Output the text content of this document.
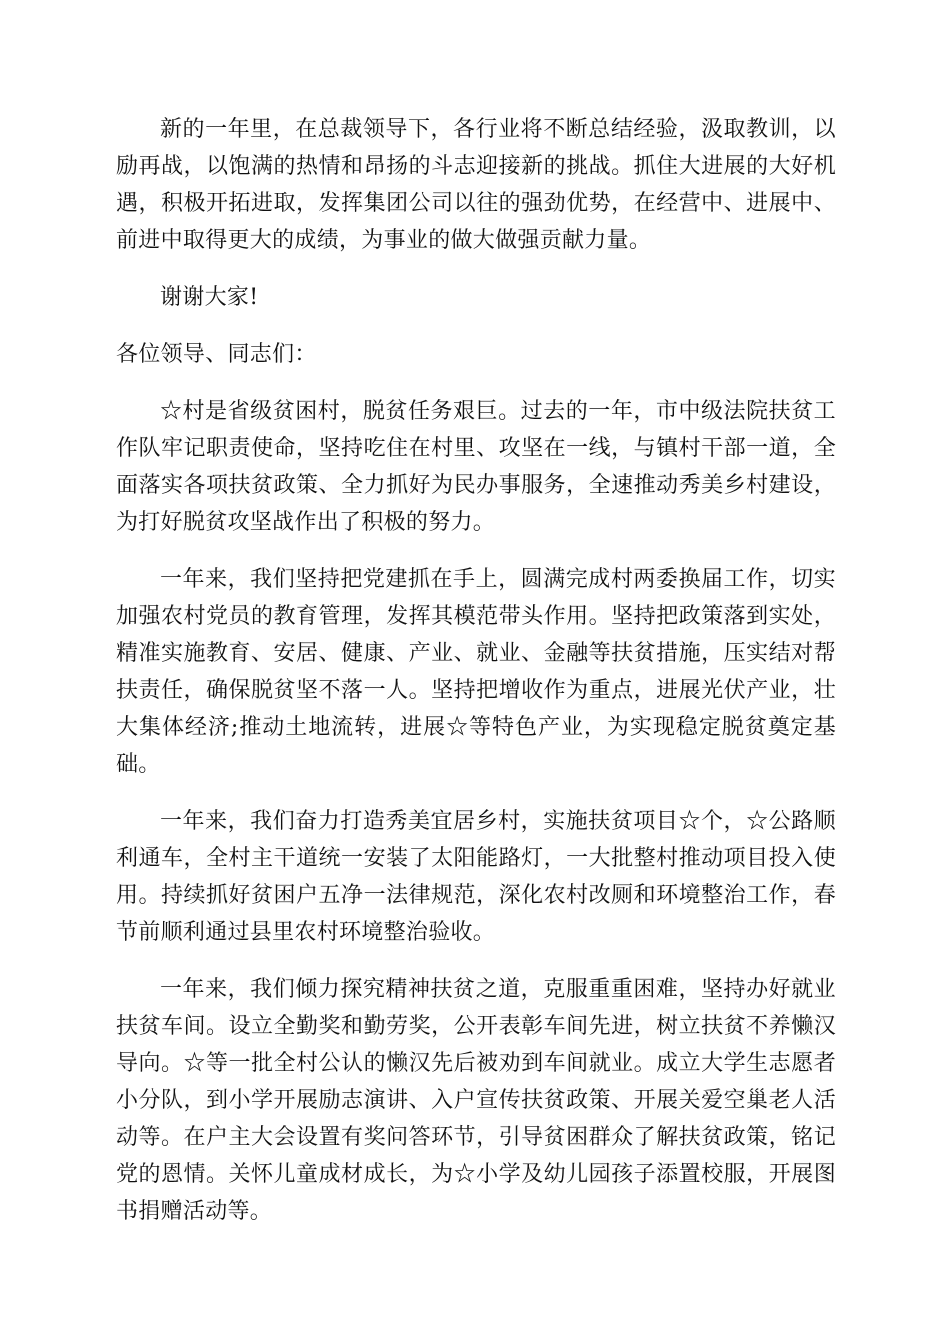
新的一年里，在总裁领导下，各行业将不断总结经验，汲取教训，以励再战，以饱满的热情和昂扬的斗志迎接新的挑战。抓住大进展的大好机遇，积极开拓进取，发挥集团公司以往的强劲优势，在经营中、进展中、前进中取得更大的成绩，为事业的做大做强贡献力量。

谢谢大家!

各位领导、同志们：

☆村是省级贫困村，脱贫任务艰巨。过去的一年，市中级法院扶贫工作队牢记职责使命，坚持吃住在村里、攻坚在一线，与镇村干部一道，全面落实各项扶贫政策、全力抓好为民办事服务，全速推动秀美乡村建设，为打好脱贫攻坚战作出了积极的努力。

一年来，我们坚持把党建抓在手上，圆满完成村两委换届工作，切实加强农村党员的教育管理，发挥其模范带头作用。坚持把政策落到实处，精准实施教育、安居、健康、产业、就业、金融等扶贫措施，压实结对帮扶责任，确保脱贫坚不落一人。坚持把增收作为重点，进展光伏产业，壮大集体经济;推动土地流转，进展☆等特色产业，为实现稳定脱贫奠定基础。

一年来，我们奋力打造秀美宜居乡村，实施扶贫项目☆个，☆公路顺利通车，全村主干道统一安装了太阳能路灯，一大批整村推动项目投入使用。持续抓好贫困户五净一法律规范，深化农村改厕和环境整治工作，春节前顺利通过县里农村环境整治验收。

一年来，我们倾力探究精神扶贫之道，克服重重困难，坚持办好就业扶贫车间。设立全勤奖和勤劳奖，公开表彰车间先进，树立扶贫不养懒汉导向。☆等一批全村公认的懒汉先后被劝到车间就业。成立大学生志愿者小分队，到小学开展励志演讲、入户宣传扶贫政策、开展关爱空巢老人活动等。在户主大会设置有奖问答环节，引导贫困群众了解扶贫政策，铭记党的恩情。关怀儿童成材成长，为☆小学及幼儿园孩子添置校服，开展图书捐赠活动等。
